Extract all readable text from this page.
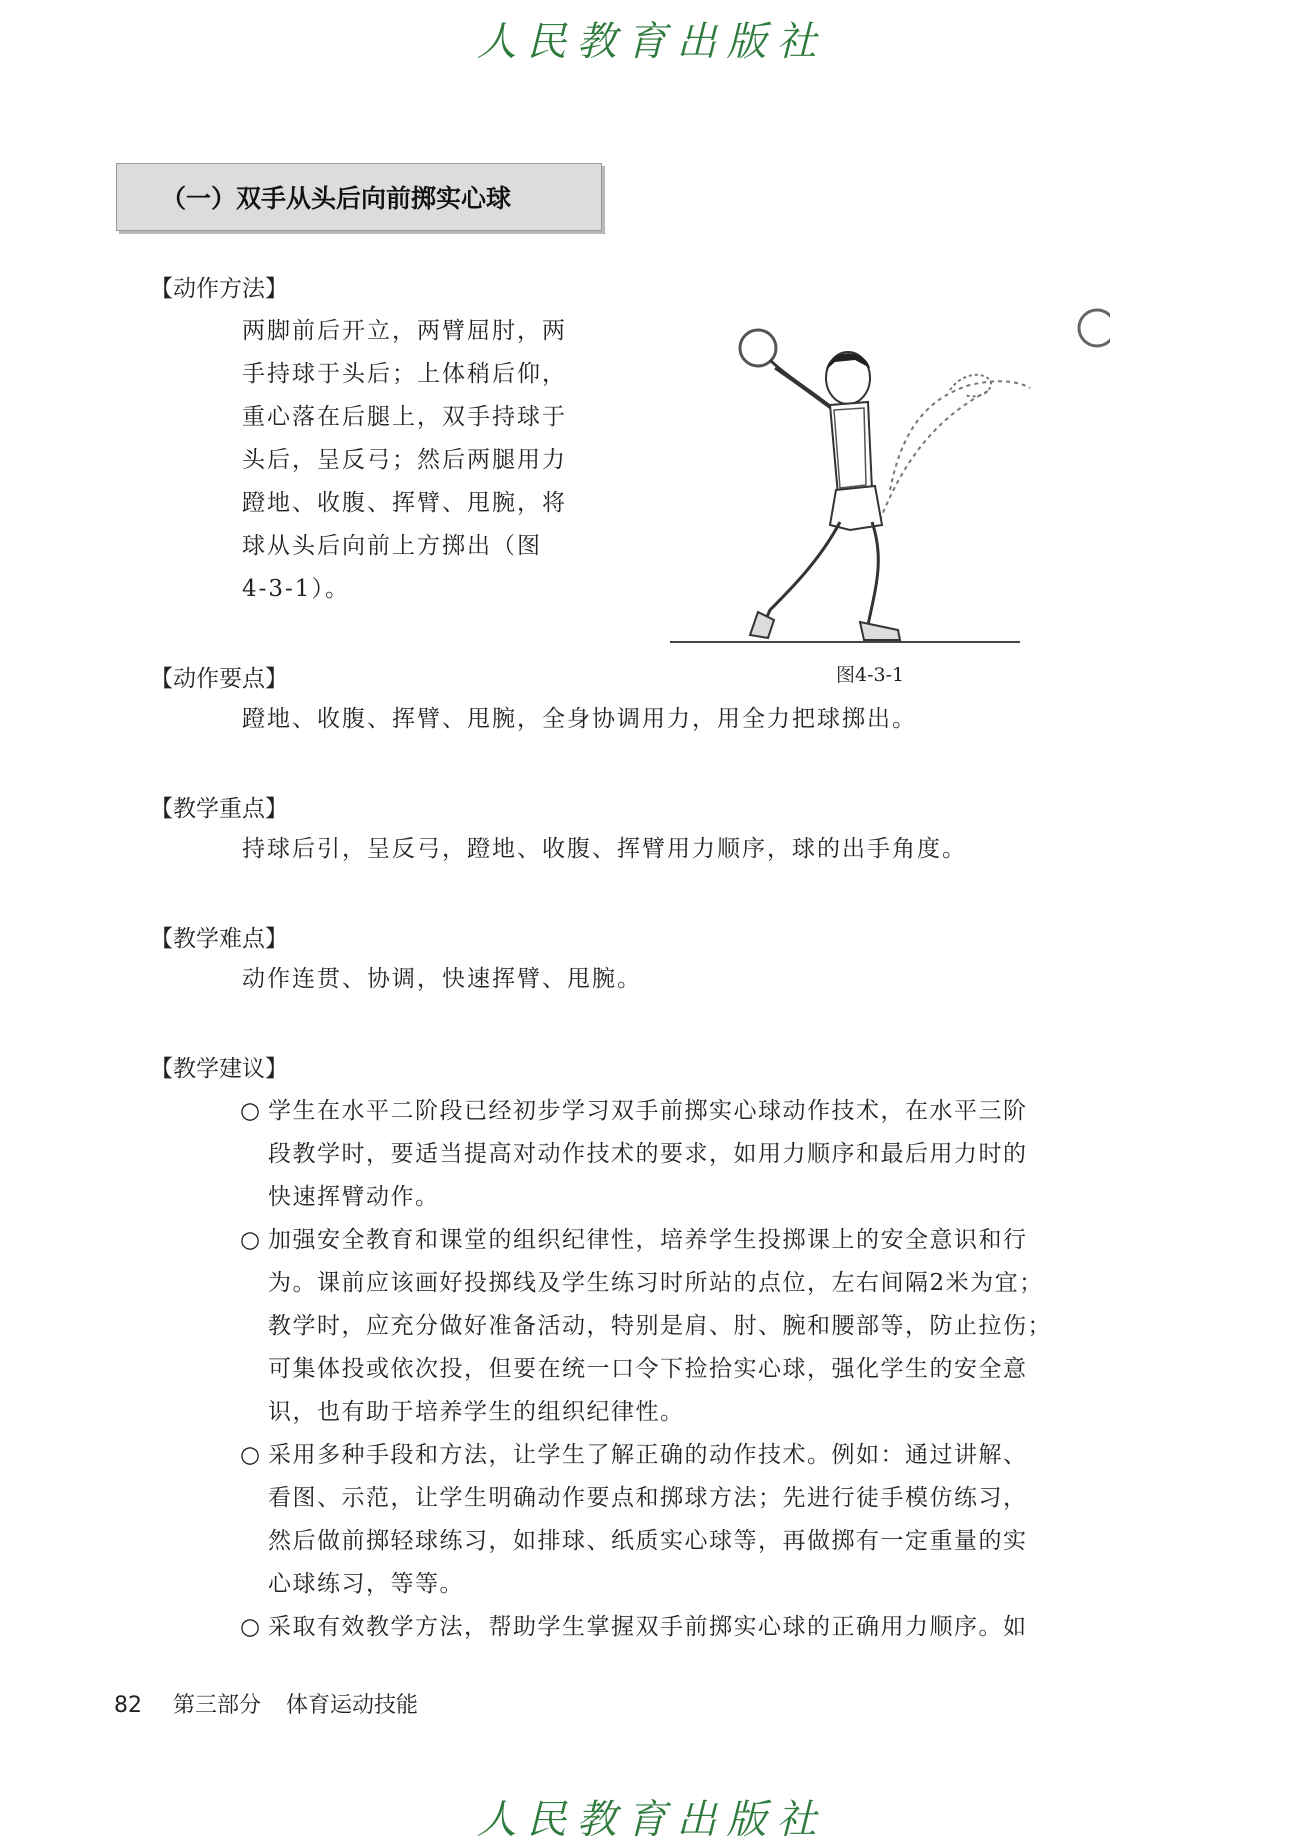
人民教育出版社
（一）双手从头后向前掷实心球
【动作方法】
两脚前后开立，两臂屈肘，两
手持球于头后；上体稍后仰，
重心落在后腿上，双手持球于
头后，呈反弓；然后两腿用力
蹬地、收腹、挥臂、甩腕，将
球从头后向前上方掷出（图
4-3-1）。
图4-3-1
【动作要点】
蹬地、收腹、挥臂、甩腕，全身协调用力，用全力把球掷出。
【教学重点】
持球后引，呈反弓，蹬地、收腹、挥臂用力顺序，球的出手角度。
【教学难点】
动作连贯、协调，快速挥臂、甩腕。
【教学建议】
○ 学生在水平二阶段已经初步学习双手前掷实心球动作技术，在水平三阶
段教学时，要适当提高对动作技术的要求，如用力顺序和最后用力时的
快速挥臂动作。
○ 加强安全教育和课堂的组织纪律性，培养学生投掷课上的安全意识和行
为。课前应该画好投掷线及学生练习时所站的点位，左右间隔2米为宜；
教学时，应充分做好准备活动，特别是肩、肘、腕和腰部等，防止拉伤；
可集体投或依次投，但要在统一口令下捡拾实心球，强化学生的安全意
识，也有助于培养学生的组织纪律性。
○ 采用多种手段和方法，让学生了解正确的动作技术。例如：通过讲解、
看图、示范，让学生明确动作要点和掷球方法；先进行徒手模仿练习，
然后做前掷轻球练习，如排球、纸质实心球等，再做掷有一定重量的实
心球练习，等等。
○ 采取有效教学方法，帮助学生掌握双手前掷实心球的正确用力顺序。如
82 第三部分 体育运动技能
人民教育出版社
